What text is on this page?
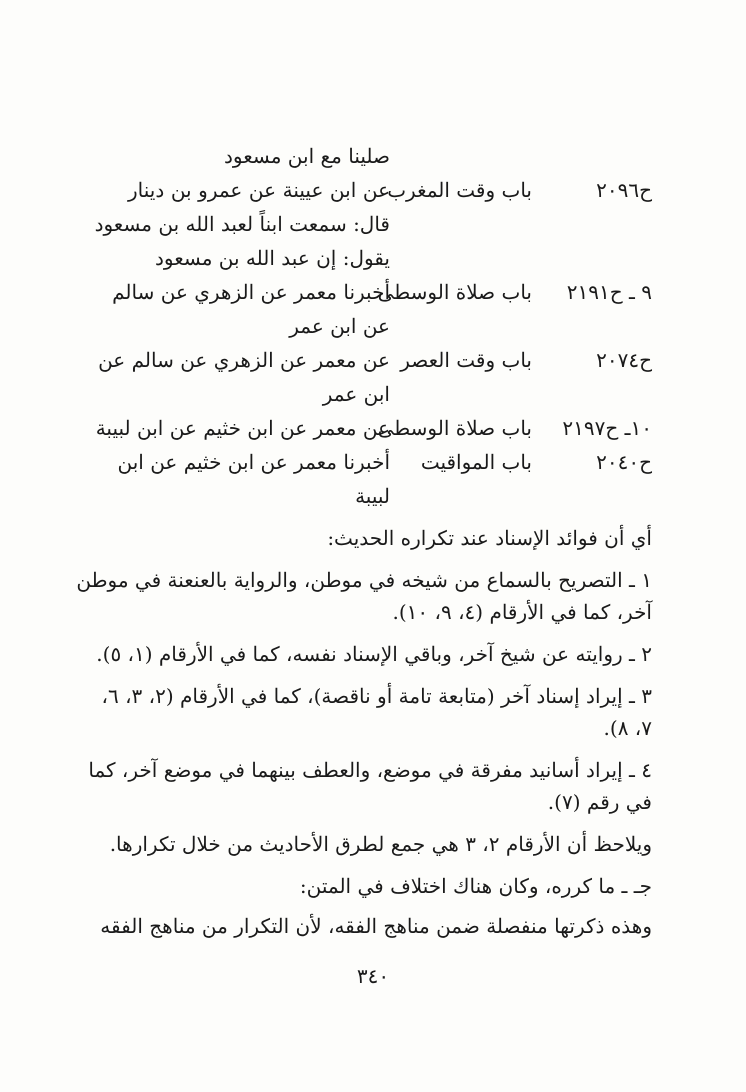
صلينا مع ابن مسعود
ح٢٠٩٦
باب وقت المغرب
عن ابن عيينة عن عمرو بن دينار
قال: سمعت ابناً لعبد الله بن مسعود
يقول: إن عبد الله بن مسعود
٩ ـ ح٢١٩١
باب صلاة الوسطى
أخبرنا معمر عن الزهري عن سالم
عن ابن عمر
ح٢٠٧٤
باب وقت العصر
عن معمر عن الزهري عن سالم عن
ابن عمر
١٠ـ ح٢١٩٧
باب صلاة الوسطى
عن معمر عن ابن خثيم عن ابن لبيبة
ح٢٠٤٠
باب المواقيت
أخبرنا معمر عن ابن خثيم عن ابن
لبيبة
أي أن فوائد الإسناد عند تكراره الحديث:
١ ـ التصريح بالسماع من شيخه في موطن، والرواية بالعنعنة في موطن
آخر، كما في الأرقام (٤، ٩، ١٠).
٢ ـ روايته عن شيخ آخر، وباقي الإسناد نفسه، كما في الأرقام (١، ٥).
٣ ـ إيراد إسناد آخر (متابعة تامة أو ناقصة)، كما في الأرقام (٢، ٣، ٦،
٧، ٨).
٤ ـ إيراد أسانيد مفرقة في موضع، والعطف بينهما في موضع آخر، كما
في رقم (٧).
ويلاحظ أن الأرقام ٢، ٣ هي جمع لطرق الأحاديث من خلال تكرارها.
جـ ـ ما كرره، وكان هناك اختلاف في المتن:
وهذه ذكرتها منفصلة ضمن مناهج الفقه، لأن التكرار من مناهج الفقه
٣٤٠
